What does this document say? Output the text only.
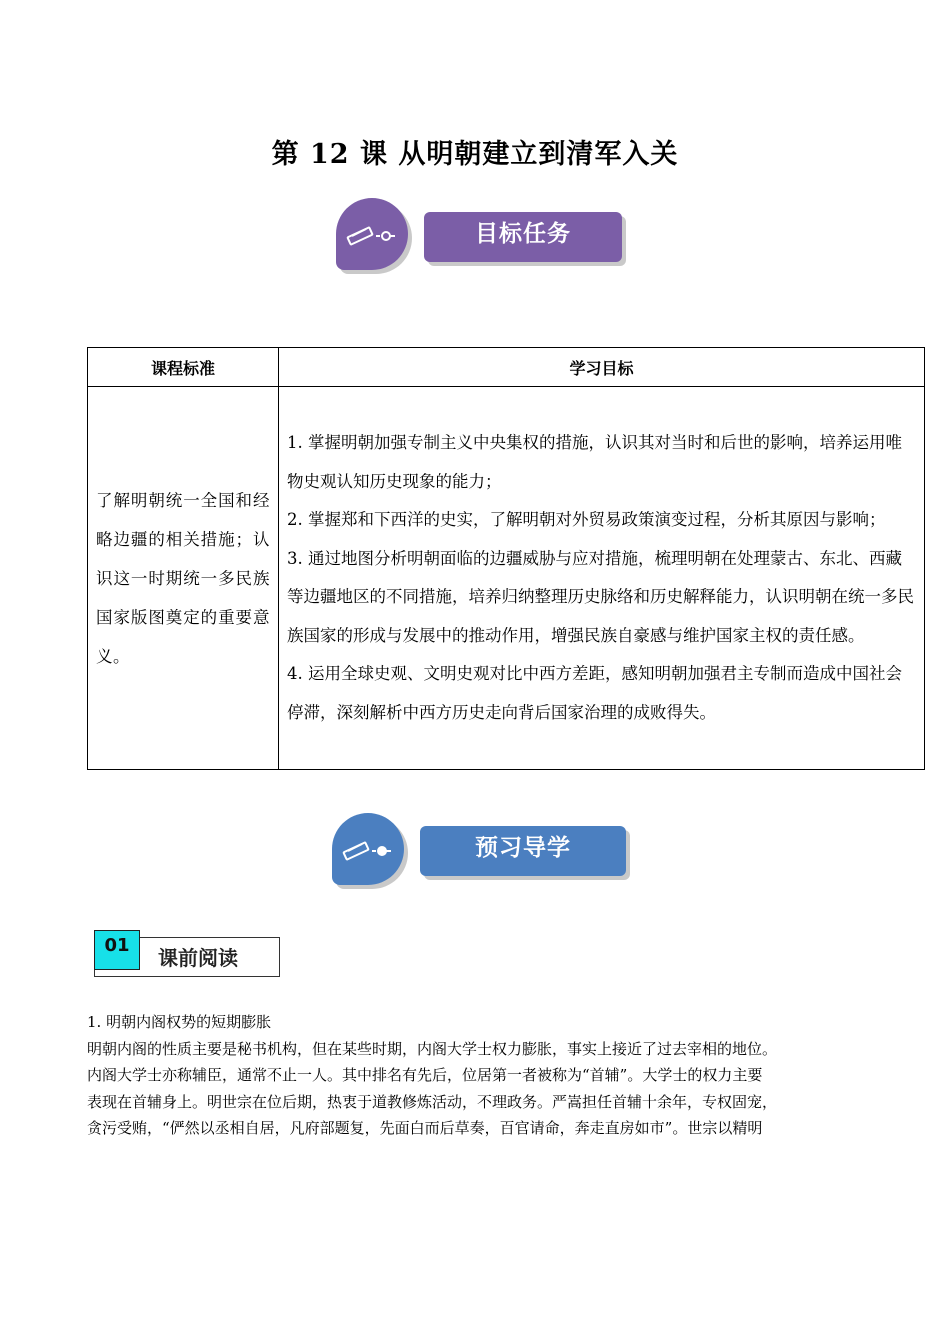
第 12 课 从明朝建立到清军入关
目标任务
课程标准	学习目标
了解明朝统一全国和经略边疆的相关措施；认识这一时期统一多民族国家版图奠定的重要意义。	1. 掌握明朝加强专制主义中央集权的措施，认识其对当时和后世的影响，培养运用唯物史观认知历史现象的能力；

2. 掌握郑和下西洋的史实，了解明朝对外贸易政策演变过程，分析其原因与影响；

3. 通过地图分析明朝面临的边疆威胁与应对措施，梳理明朝在处理蒙古、东北、西藏等边疆地区的不同措施，培养归纳整理历史脉络和历史解释能力，认识明朝在统一多民族国家的形成与发展中的推动作用，增强民族自豪感与维护国家主权的责任感。

4. 运用全球史观、文明史观对比中西方差距，感知明朝加强君主专制而造成中国社会停滞，深刻解析中西方历史走向背后国家治理的成败得失。

预习导学
01
课前阅读

1. 明朝内阁权势的短期膨胀

明朝内阁的性质主要是秘书机构，但在某些时期，内阁大学士权力膨胀，事实上接近了过去宰相的地位。

内阁大学士亦称辅臣，通常不止一人。其中排名有先后，位居第一者被称为“首辅”。大学士的权力主要

表现在首辅身上。明世宗在位后期，热衷于道教修炼活动，不理政务。严嵩担任首辅十余年，专权固宠，

贪污受贿，“俨然以丞相自居，凡府部题复，先面白而后草奏，百官请命，奔走直房如市”。世宗以精明
